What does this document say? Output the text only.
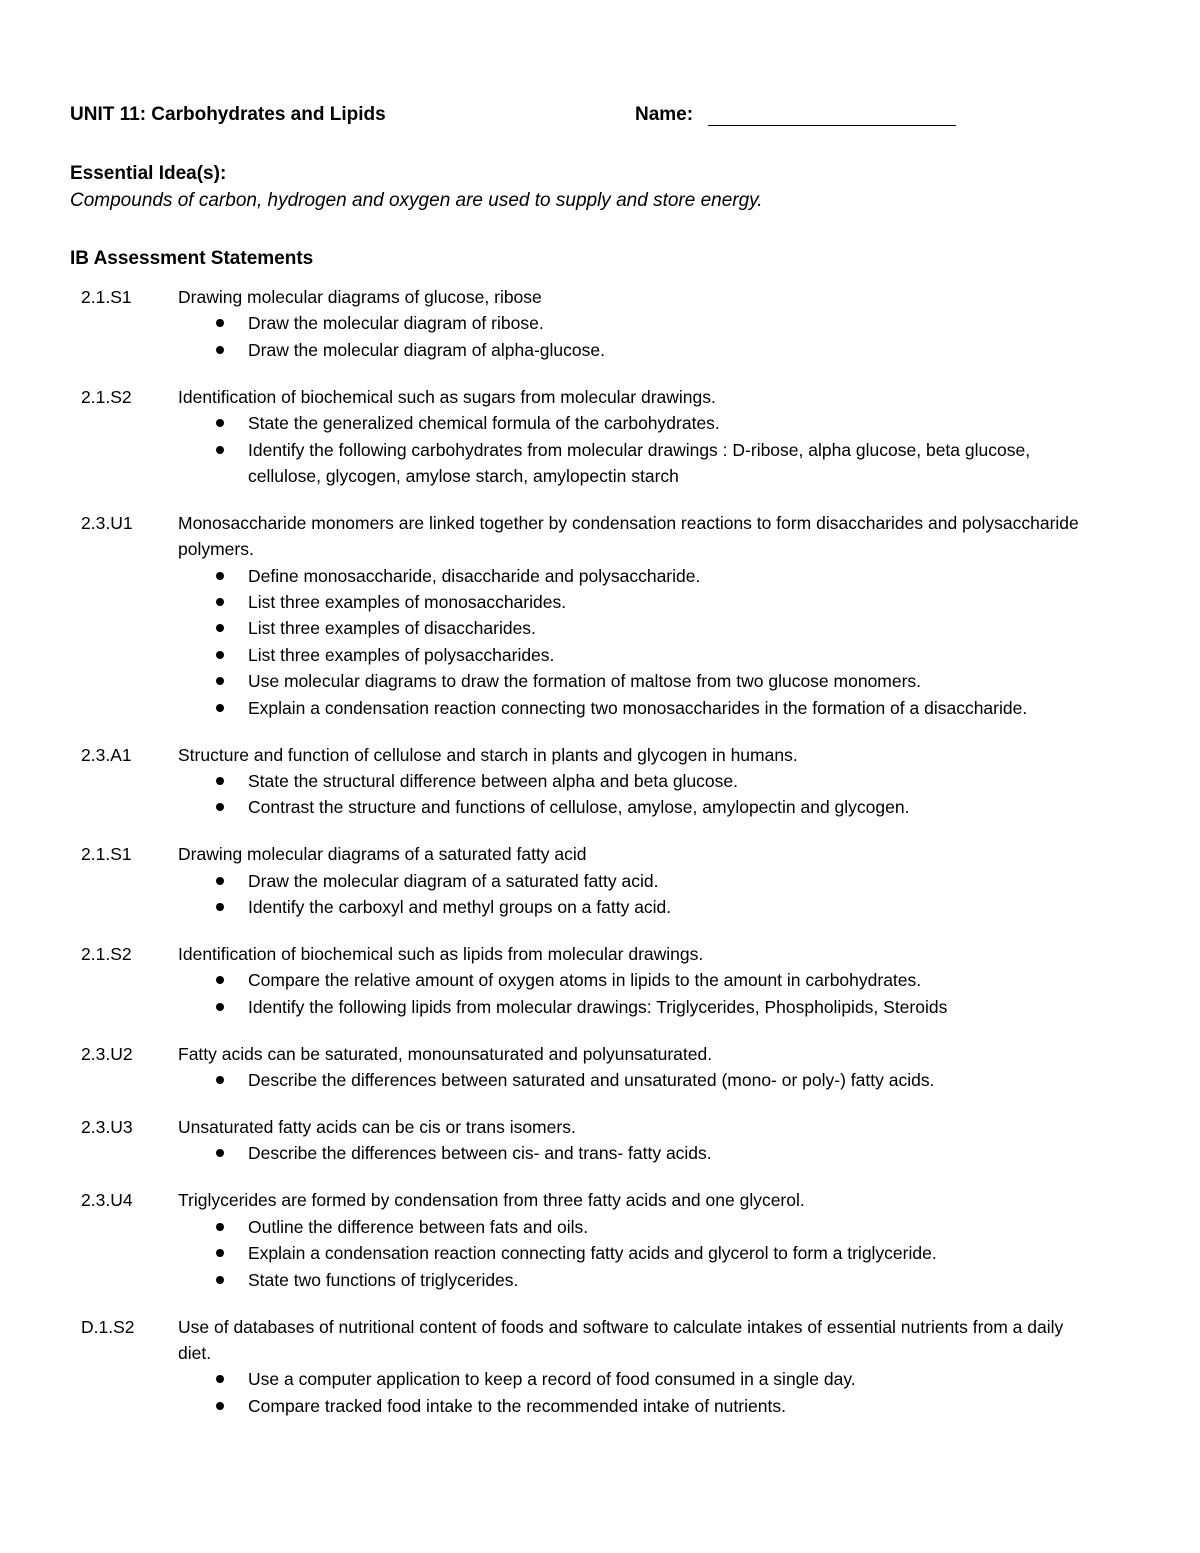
UNIT 11: Carbohydrates and Lipids	Name:
Essential Idea(s):
Compounds of carbon, hydrogen and oxygen are used to supply and store energy.
IB Assessment Statements
2.1.S1	Drawing molecular diagrams of glucose, ribose
Draw the molecular diagram of ribose.
Draw the molecular diagram of alpha-glucose.
2.1.S2	Identification of biochemical such as sugars from molecular drawings.
State the generalized chemical formula of the carbohydrates.
Identify the following carbohydrates from molecular drawings : D-ribose, alpha glucose, beta glucose, cellulose, glycogen, amylose starch, amylopectin starch
2.3.U1	Monosaccharide monomers are linked together by condensation reactions to form disaccharides and polysaccharide polymers.
Define monosaccharide, disaccharide and polysaccharide.
List three examples of monosaccharides.
List three examples of disaccharides.
List three examples of polysaccharides.
Use molecular diagrams to draw the formation of maltose from two glucose monomers.
Explain a condensation reaction connecting two monosaccharides in the formation of a disaccharide.
2.3.A1	Structure and function of cellulose and starch in plants and glycogen in humans.
State the structural difference between alpha and beta glucose.
Contrast the structure and functions of cellulose, amylose, amylopectin and glycogen.
2.1.S1	Drawing molecular diagrams of a saturated fatty acid
Draw the molecular diagram of a saturated fatty acid.
Identify the carboxyl and methyl groups on a fatty acid.
2.1.S2	Identification of biochemical such as lipids from molecular drawings.
Compare the relative amount of oxygen atoms in lipids to the amount in carbohydrates.
Identify the following lipids from molecular drawings: Triglycerides, Phospholipids, Steroids
2.3.U2	Fatty acids can be saturated, monounsaturated and polyunsaturated.
Describe the differences between saturated and unsaturated (mono- or poly-) fatty acids.
2.3.U3	Unsaturated fatty acids can be cis or trans isomers.
Describe the differences between cis- and trans- fatty acids.
2.3.U4	Triglycerides are formed by condensation from three fatty acids and one glycerol.
Outline the difference between fats and oils.
Explain a condensation reaction connecting fatty acids and glycerol to form a triglyceride.
State two functions of triglycerides.
D.1.S2	Use of databases of nutritional content of foods and software to calculate intakes of essential nutrients from a daily diet.
Use a computer application to keep a record of food consumed in a single day.
Compare tracked food intake to the recommended intake of nutrients.
